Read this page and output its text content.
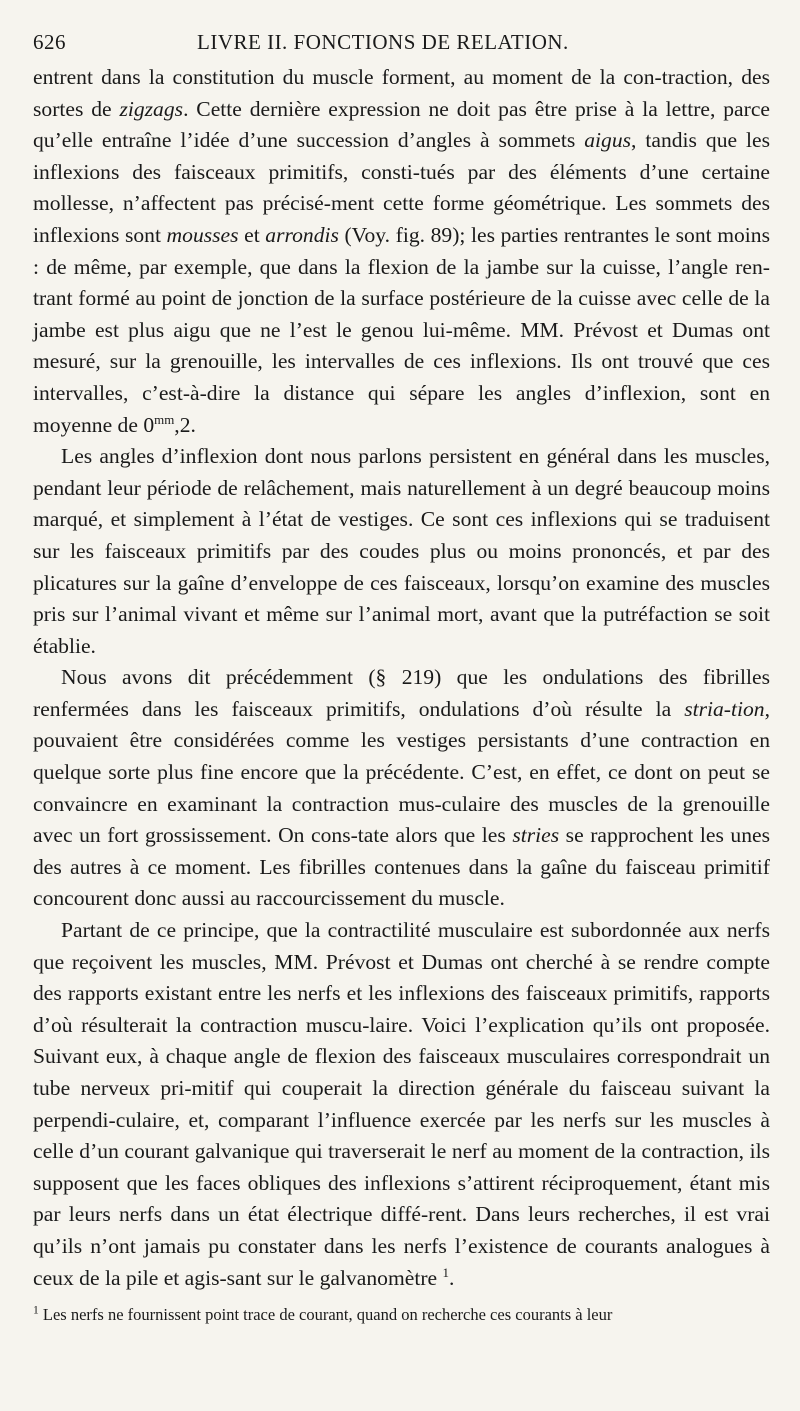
626	LIVRE II. FONCTIONS DE RELATION.

entrent dans la constitution du muscle forment, au moment de la con-traction, des sortes de zigzags. Cette dernière expression ne doit pas être prise à la lettre, parce qu’elle entraîne l’idée d’une succession d’angles à sommets aigus, tandis que les inflexions des faisceaux primitifs, consti-tués par des éléments d’une certaine mollesse, n’affectent pas précisé-ment cette forme géométrique. Les sommets des inflexions sont mousses et arrondis (Voy. fig. 89); les parties rentrantes le sont moins : de même, par exemple, que dans la flexion de la jambe sur la cuisse, l’angle ren-trant formé au point de jonction de la surface postérieure de la cuisse avec celle de la jambe est plus aigu que ne l’est le genou lui-même. MM. Prévost et Dumas ont mesuré, sur la grenouille, les intervalles de ces inflexions. Ils ont trouvé que ces intervalles, c’est-à-dire la distance qui sépare les angles d’inflexion, sont en moyenne de $0^{mm},2$.

Les angles d’inflexion dont nous parlons persistent en général dans les muscles, pendant leur période de relâchement, mais naturellement à un degré beaucoup moins marqué, et simplement à l’état de vestiges. Ce sont ces inflexions qui se traduisent sur les faisceaux primitifs par des coudes plus ou moins prononcés, et par des plicatures sur la gaîne d’enveloppe de ces faisceaux, lorsqu’on examine des muscles pris sur l’animal vivant et même sur l’animal mort, avant que la putréfaction se soit établie.

Nous avons dit précédemment (§ 219) que les ondulations des fibrilles renfermées dans les faisceaux primitifs, ondulations d’où résulte la stria-tion, pouvaient être considérées comme les vestiges persistants d’une contraction en quelque sorte plus fine encore que la précédente. C’est, en effet, ce dont on peut se convaincre en examinant la contraction mus-culaire des muscles de la grenouille avec un fort grossissement. On cons-tate alors que les stries se rapprochent les unes des autres à ce moment. Les fibrilles contenues dans la gaîne du faisceau primitif concourent donc aussi au raccourcissement du muscle.

Partant de ce principe, que la contractilité musculaire est subordonnée aux nerfs que reçoivent les muscles, MM. Prévost et Dumas ont cherché à se rendre compte des rapports existant entre les nerfs et les inflexions des faisceaux primitifs, rapports d’où résulterait la contraction muscu-laire. Voici l’explication qu’ils ont proposée. Suivant eux, à chaque angle de flexion des faisceaux musculaires correspondrait un tube nerveux pri-mitif qui couperait la direction générale du faisceau suivant la perpendi-culaire, et, comparant l’influence exercée par les nerfs sur les muscles à celle d’un courant galvanique qui traverserait le nerf au moment de la contraction, ils supposent que les faces obliques des inflexions s’attirent réciproquement, étant mis par leurs nerfs dans un état électrique diffé-rent. Dans leurs recherches, il est vrai qu’ils n’ont jamais pu constater dans les nerfs l’existence de courants analogues à ceux de la pile et agis-sant sur le galvanomètre $^1$.

$^1$ Les nerfs ne fournissent point trace de courant, quand on recherche ces courants à leur
